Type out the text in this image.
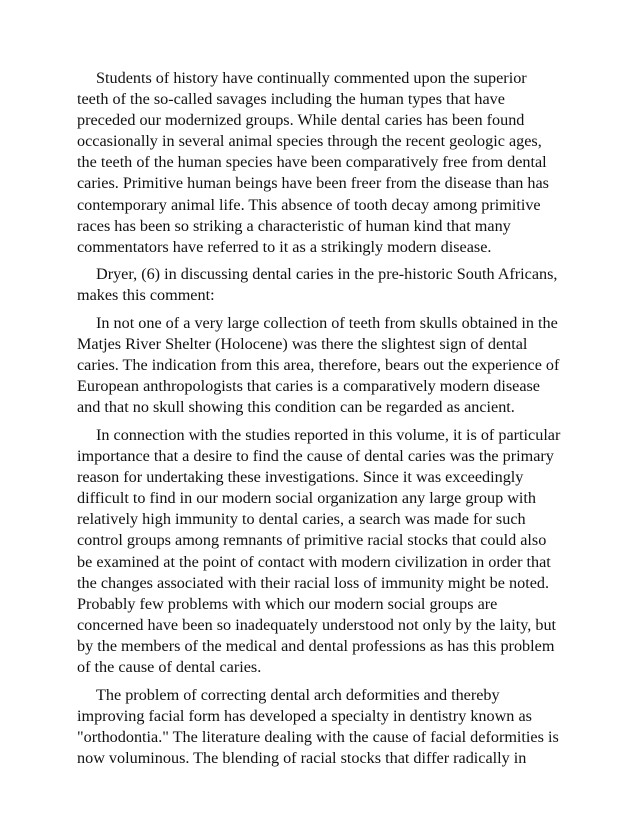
Students of history have continually commented upon the superior teeth of the so-called savages including the human types that have preceded our modernized groups. While dental caries has been found occasionally in several animal species through the recent geologic ages, the teeth of the human species have been comparatively free from dental caries. Primitive human beings have been freer from the disease than has contemporary animal life. This absence of tooth decay among primitive races has been so striking a characteristic of human kind that many commentators have referred to it as a strikingly modern disease.

Dryer, (6) in discussing dental caries in the pre-historic South Africans, makes this comment:

In not one of a very large collection of teeth from skulls obtained in the Matjes River Shelter (Holocene) was there the slightest sign of dental caries. The indication from this area, therefore, bears out the experience of European anthropologists that caries is a comparatively modern disease and that no skull showing this condition can be regarded as ancient.

In connection with the studies reported in this volume, it is of particular importance that a desire to find the cause of dental caries was the primary reason for undertaking these investigations. Since it was exceedingly difficult to find in our modern social organization any large group with relatively high immunity to dental caries, a search was made for such control groups among remnants of primitive racial stocks that could also be examined at the point of contact with modern civilization in order that the changes associated with their racial loss of immunity might be noted. Probably few problems with which our modern social groups are concerned have been so inadequately understood not only by the laity, but by the members of the medical and dental professions as has this problem of the cause of dental caries.

The problem of correcting dental arch deformities and thereby improving facial form has developed a specialty in dentistry known as "orthodontia." The literature dealing with the cause of facial deformities is now voluminous. The blending of racial stocks that differ radically in
